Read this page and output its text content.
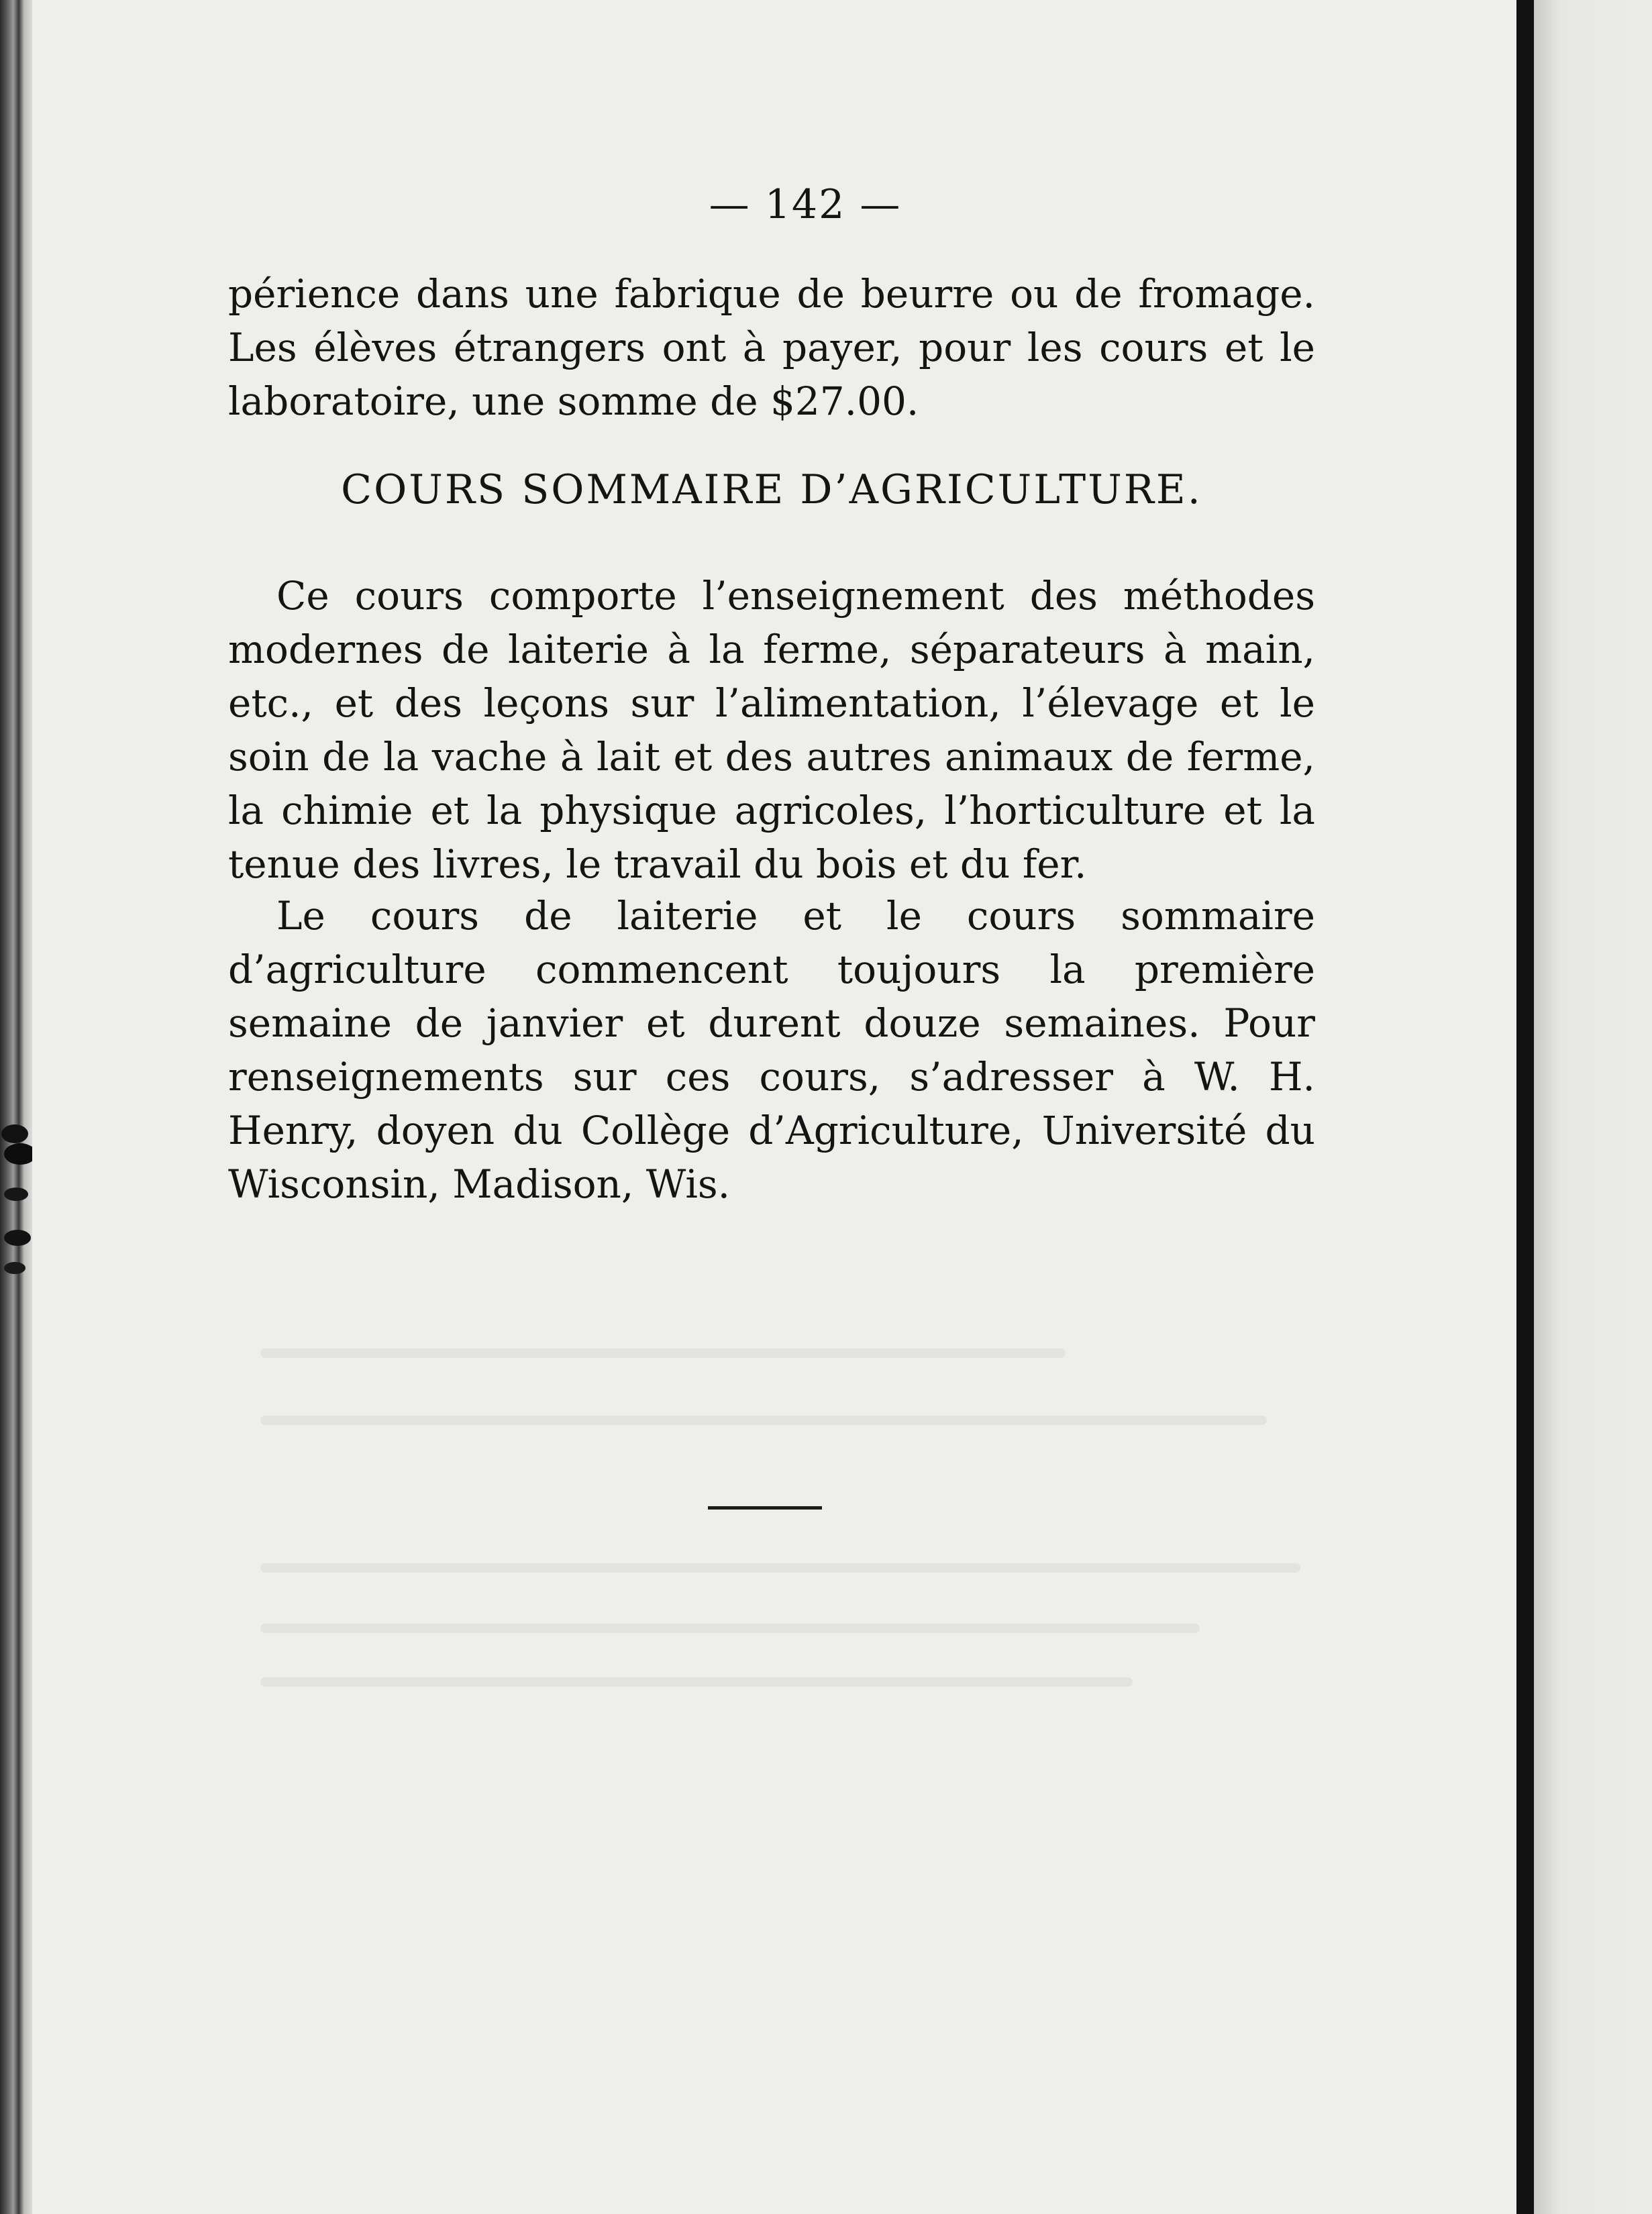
— 142 —

périence dans une fabrique de beurre ou de fromage. Les élèves étrangers ont à payer, pour les cours et le laboratoire, une somme de $27.00.

COURS SOMMAIRE D’AGRICULTURE.

Ce cours comporte l’enseignement des méthodes modernes de laiterie à la ferme, séparateurs à main, etc., et des leçons sur l’alimentation, l’élevage et le soin de la vache à lait et des autres animaux de ferme, la chimie et la physique agricoles, l’horticulture et la tenue des livres, le travail du bois et du fer.

Le cours de laiterie et le cours sommaire d’agriculture commencent toujours la première semaine de janvier et durent douze semaines. Pour renseignements sur ces cours, s’adresser à W. H. Henry, doyen du Collège d’Agriculture, Université du Wisconsin, Madison, Wis.
